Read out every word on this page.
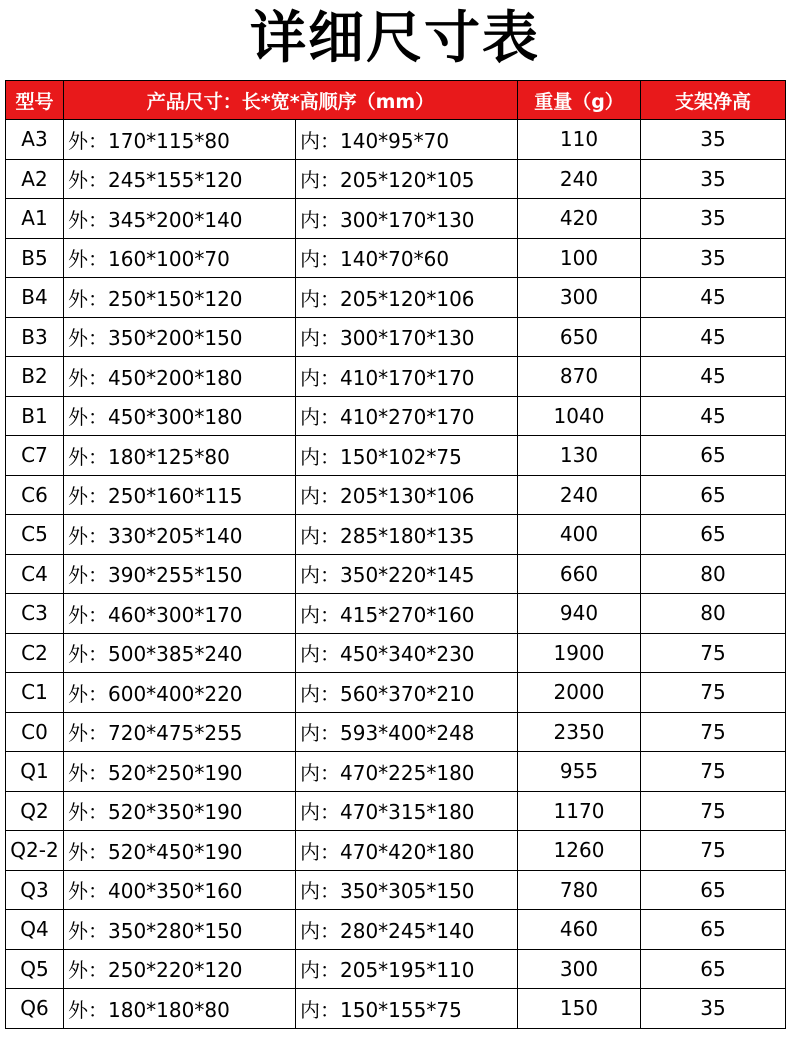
详细尺寸表
型号	产品尺寸：长*宽*高顺序（mm）		重量（g）	支架净高
A3	外：170*115*80	内：140*95*70	110	35
A2	外：245*155*120	内：205*120*105	240	35
A1	外：345*200*140	内：300*170*130	420	35
B5	外：160*100*70	内：140*70*60	100	35
B4	外：250*150*120	内：205*120*106	300	45
B3	外：350*200*150	内：300*170*130	650	45
B2	外：450*200*180	内：410*170*170	870	45
B1	外：450*300*180	内：410*270*170	1040	45
C7	外：180*125*80	内：150*102*75	130	65
C6	外：250*160*115	内：205*130*106	240	65
C5	外：330*205*140	内：285*180*135	400	65
C4	外：390*255*150	内：350*220*145	660	80
C3	外：460*300*170	内：415*270*160	940	80
C2	外：500*385*240	内：450*340*230	1900	75
C1	外：600*400*220	内：560*370*210	2000	75
C0	外：720*475*255	内：593*400*248	2350	75
Q1	外：520*250*190	内：470*225*180	955	75
Q2	外：520*350*190	内：470*315*180	1170	75
Q2-2	外：520*450*190	内：470*420*180	1260	75
Q3	外：400*350*160	内：350*305*150	780	65
Q4	外：350*280*150	内：280*245*140	460	65
Q5	外：250*220*120	内：205*195*110	300	65
Q6	外：180*180*80	内：150*155*75	150	35
